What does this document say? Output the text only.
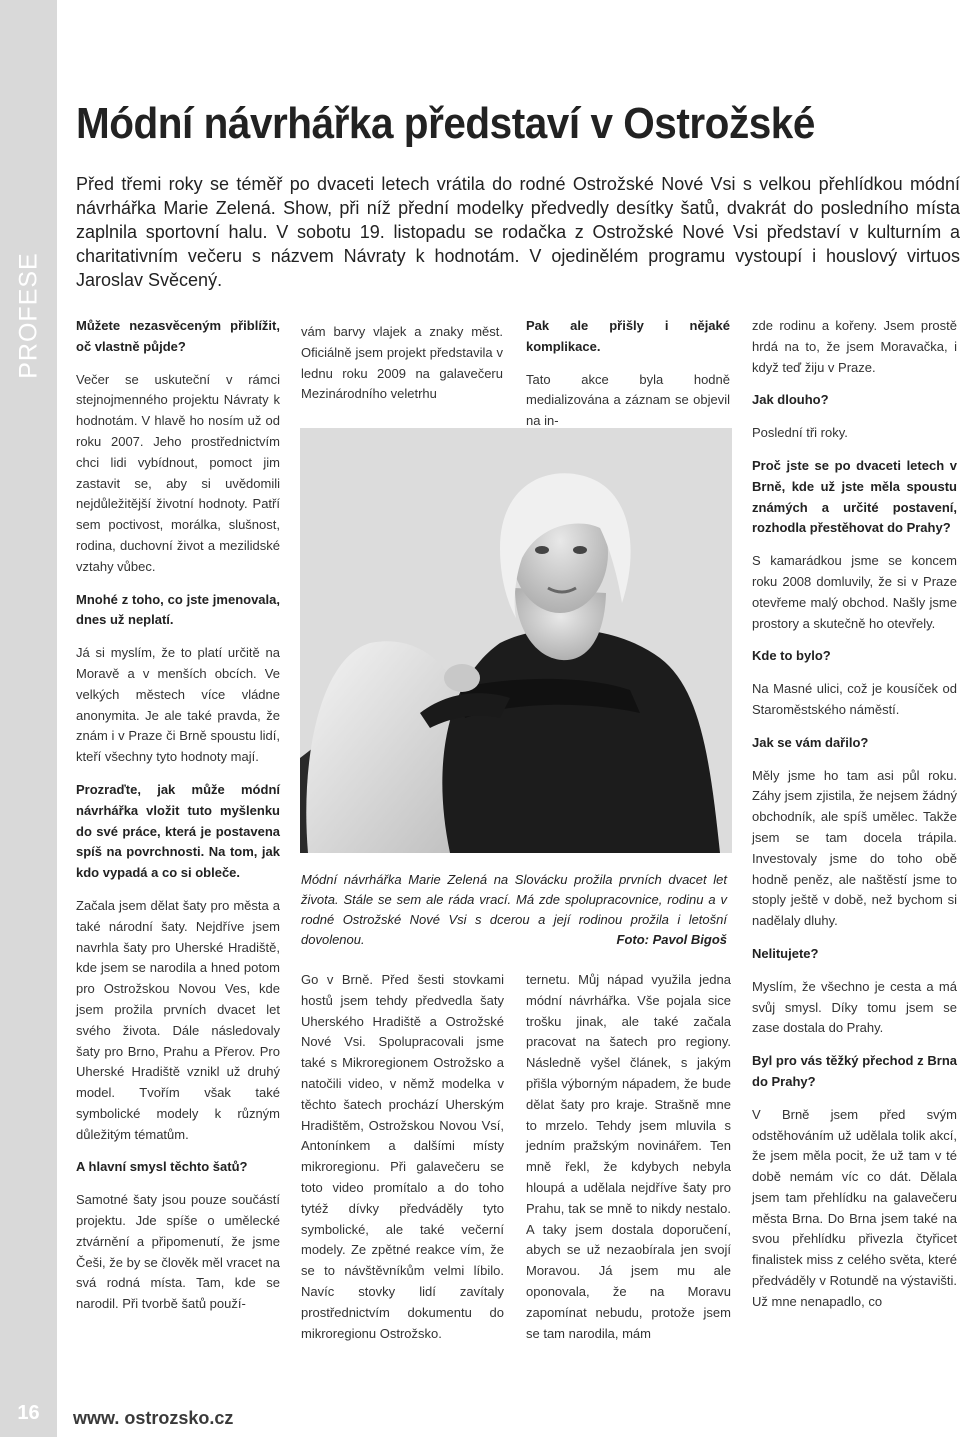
PROFESE
16	www. ostrozsko.cz
Módní návrhářka představí v Ostrožské
Před třemi roky se téměř po dvaceti letech vrátila do rodné Ostrožské Nové Vsi s velkou přehlídkou módní návrhářka Marie Zelená. Show, při níž přední modelky předvedly desítky šatů, dvakrát do posledního místa zaplnila sportovní halu. V sobotu 19. listopadu se rodačka z Ostrožské Nové Vsi představí v kulturním a charitativním večeru s názvem Návraty k hodnotám. V ojedinělém programu vystoupí i houslový virtuos Jaroslav Svěcený.

Můžete nezasvěceným přiblížit, oč vlastně půjde?

Večer se uskuteční v rámci stejnojmenného projektu Návraty k hodnotám. V hlavě ho nosím už od roku 2007. Jeho prostřednictvím chci lidi vybídnout, pomoct jim zastavit se, aby si uvědomili nejdůležitější životní hodnoty. Patří sem poctivost, morálka, slušnost, rodina, duchovní život a mezilidské vztahy vůbec.

Mnohé z toho, co jste jmenovala, dnes už neplatí.

Já si myslím, že to platí určitě na Moravě a v menších obcích. Ve velkých městech více vládne anonymita. Je ale také pravda, že znám i v Praze či Brně spoustu lidí, kteří všechny tyto hodnoty mají.

Prozraďte, jak může módní návrhářka vložit tuto myšlenku do své práce, která je postavena spíš na povrchnosti. Na tom, jak kdo vypadá a co si obleče.

Začala jsem dělat šaty pro města a také národní šaty. Nejdříve jsem navrhla šaty pro Uherské Hradiště, kde jsem se narodila a hned potom pro Ostrožskou Novou Ves, kde jsem prožila prvních dvacet let svého života. Dále následovaly šaty pro Brno, Prahu a Přerov. Pro Uherské Hradiště vznikl už druhý model. Tvořím však také symbolické modely k různým důležitým tématům.

A hlavní smysl těchto šatů?

Samotné šaty jsou pouze součástí projektu. Jde spíše o umělecké ztvárnění a připomenutí, že jsme Češi, že by se člověk měl vracet na svá rodná místa. Tam, kde se narodil. Při tvorbě šatů použí-

vám barvy vlajek a znaky měst. Oficiálně jsem projekt představila v lednu roku 2009 na galavečeru Mezinárodního veletrhu

Pak ale přišly i nějaké komplikace.

Tato akce byla hodně medializována a záznam se objevil na in-

Módní návrhářka Marie Zelená na Slovácku prožila prvních dvacet let života. Stále se sem ale ráda vrací. Má zde spolupracovnice, rodinu a v rodné Ostrožské Nové Vsi s dcerou a její rodinou prožila i letošní dovolenou.	Foto: Pavol Bigoš

Go v Brně. Před šesti stovkami hostů jsem tehdy předvedla šaty Uherského Hradiště a Ostrožské Nové Vsi. Spolupracovali jsme také s Mikroregionem Ostrožsko a natočili video, v němž modelka v těchto šatech prochází Uherským Hradištěm, Ostrožskou Novou Vsí, Antonínkem a dalšími místy mikroregionu. Při galavečeru se toto video promítalo a do toho tytéž dívky předváděly tyto symbolické, ale také večerní modely. Ze zpětné reakce vím, že se to návštěvníkům velmi líbilo. Navíc stovky lidí zavítaly prostřednictvím dokumentu do mikroregionu Ostrožsko.

ternetu. Můj nápad využila jedna módní návrhářka. Vše pojala sice trošku jinak, ale také začala pracovat na šatech pro regiony. Následně vyšel článek, s jakým přišla výborným nápadem, že bude dělat šaty pro kraje. Strašně mne to mrzelo. Tehdy jsem mluvila s jedním pražským novinářem. Ten mně řekl, že kdybych nebyla hloupá a udělala nejdříve šaty pro Prahu, tak se mně to nikdy nestalo. A taky jsem dostala doporučení, abych se už nezaobírala jen svojí Moravou. Já jsem mu ale oponovala, že na Moravu zapomínat nebudu, protože jsem se tam narodila, mám

zde rodinu a kořeny. Jsem prostě hrdá na to, že jsem Moravačka, i když teď žiju v Praze.

Jak dlouho?

Poslední tři roky.

Proč jste se po dvaceti letech v Brně, kde už jste měla spoustu známých a určité postavení, rozhodla přestěhovat do Prahy?

S kamarádkou jsme se koncem roku 2008 domluvily, že si v Praze otevřeme malý obchod. Našly jsme prostory a skutečně ho otevřely.

Kde to bylo?

Na Masné ulici, což je kousíček od Staroměstského náměstí.

Jak se vám dařilo?

Měly jsme ho tam asi půl roku. Záhy jsem zjistila, že nejsem žádný obchodník, ale spíš umělec. Takže jsem se tam docela trápila. Investovaly jsme do toho obě hodně peněz, ale naštěstí jsme to stoply ještě v době, než bychom si nadělaly dluhy.

Nelitujete?

Myslím, že všechno je cesta a má svůj smysl. Díky tomu jsem se zase dostala do Prahy.

Byl pro vás těžký přechod z Brna do Prahy?

V Brně jsem před svým odstěhováním už udělala tolik akcí, že jsem měla pocit, že už tam v té době nemám víc co dát. Dělala jsem tam přehlídku na galavečeru města Brna. Do Brna jsem také na svou přehlídku přivezla čtyřicet finalistek miss z celého světa, které předváděly v Rotundě na výstavišti. Už mne nenapadlo, co
